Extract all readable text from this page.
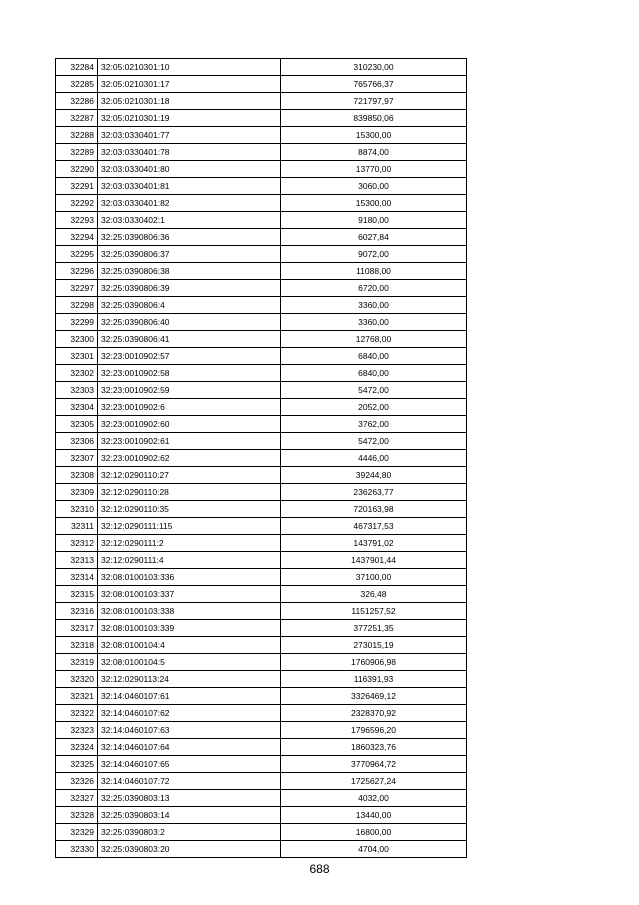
32284	32:05:0210301:10	310230,00
32285	32:05:0210301:17	765766,37
32286	32:05:0210301:18	721797,97
32287	32:05:0210301:19	839850,06
32288	32:03:0330401:77	15300,00
32289	32:03:0330401:78	8874,00
32290	32:03:0330401:80	13770,00
32291	32:03:0330401:81	3060,00
32292	32:03:0330401:82	15300,00
32293	32:03:0330402:1	9180,00
32294	32:25:0390806:36	6027,84
32295	32:25:0390806:37	9072,00
32296	32:25:0390806:38	11088,00
32297	32:25:0390806:39	6720,00
32298	32:25:0390806:4	3360,00
32299	32:25:0390806:40	3360,00
32300	32:25:0390806:41	12768,00
32301	32:23:0010902:57	6840,00
32302	32:23:0010902:58	6840,00
32303	32:23:0010902:59	5472,00
32304	32:23:0010902:6	2052,00
32305	32:23:0010902:60	3762,00
32306	32:23:0010902:61	5472,00
32307	32:23:0010902:62	4446,00
32308	32:12:0290110:27	39244,80
32309	32:12:0290110:28	236263,77
32310	32:12:0290110:35	720163,98
32311	32:12:0290111:115	467317,53
32312	32:12:0290111:2	143791,02
32313	32:12:0290111:4	1437901,44
32314	32:08:0100103:336	37100,00
32315	32:08:0100103:337	326,48
32316	32:08:0100103:338	1151257,52
32317	32:08:0100103:339	377251,35
32318	32:08:0100104:4	273015,19
32319	32:08:0100104:5	1760906,98
32320	32:12:0290113:24	116391,93
32321	32:14:0460107:61	3326469,12
32322	32:14:0460107:62	2328370,92
32323	32:14:0460107:63	1796596,20
32324	32:14:0460107:64	1860323,76
32325	32:14:0460107:65	3770964,72
32326	32:14:0460107:72	1725627,24
32327	32:25:0390803:13	4032,00
32328	32:25:0390803:14	13440,00
32329	32:25:0390803:2	16800,00
32330	32:25:0390803:20	4704,00
688
